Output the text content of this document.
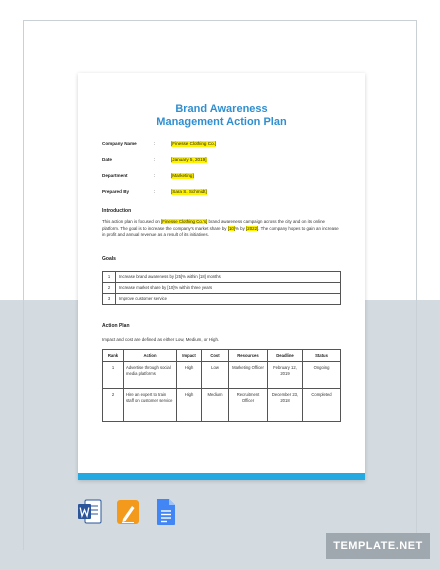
Brand Awareness
Management Action Plan
Company Name	:	[Finesse Clothing Co.]
Date	:	[January 5, 2019]
Department	:	[Marketing]
Prepared By	:	[Sara S. Schmidt]
Introduction
This action plan is focused on [Finesse Clothing Co.'s] brand awareness campaign across the city and on its online platform. The goal is to increase the company's market share by [10]% by [2022]. The company hopes to gain an increase in profit and annual revenue as a result of its initiatives.
Goals
1	Increase brand awareness by [25]% within [18] months
2	Increase market share by [10]% within three years
3	Improve customer service
Action Plan
Impact and cost are defined as either Low, Medium, or High.
Rank	Action	Impact	Cost	Resources	Deadline	Status
1	Advertise through social media platforms	High	Low	Marketing Officer	February 12, 2019	Ongoing
2	Hire an expert to train staff on customer service	High	Medium	Recruitment Officer	December 23, 2018	Completed
TEMPLATE.NET
